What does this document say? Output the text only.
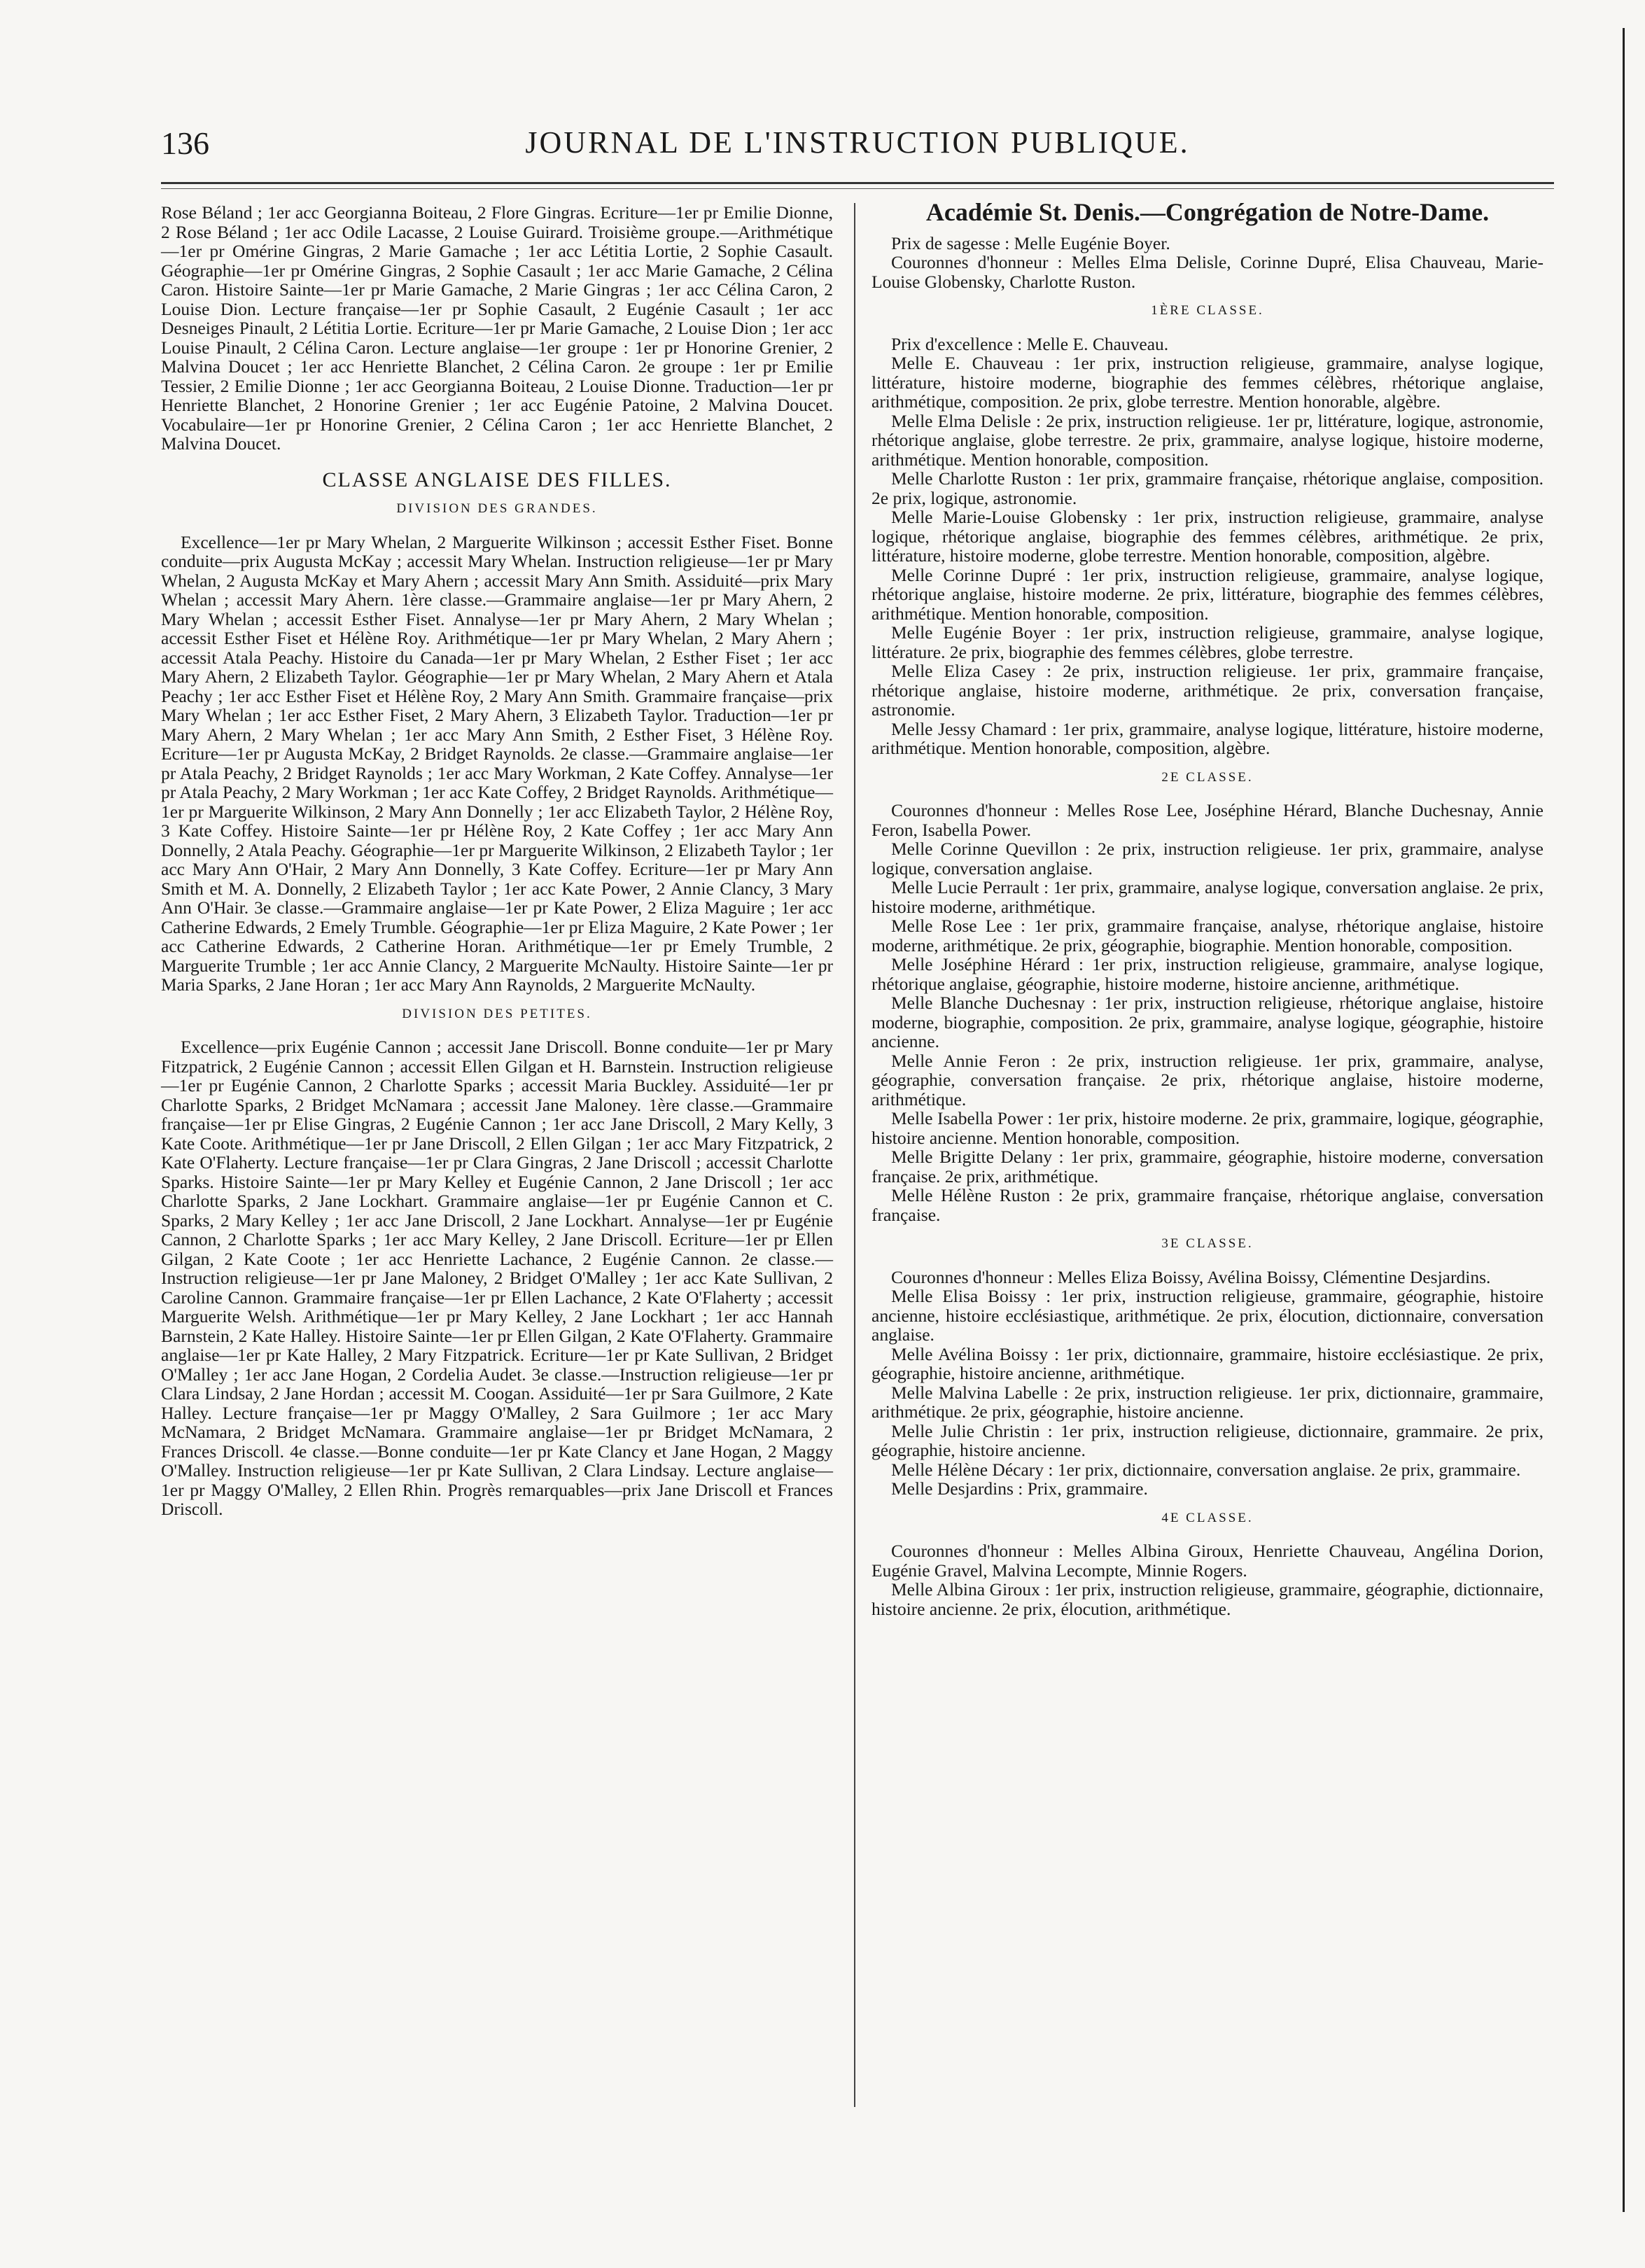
136	JOURNAL DE L'INSTRUCTION PUBLIQUE.

Rose Béland ; 1er acc Georgianna Boiteau, 2 Flore Gingras. Ecriture—1er pr Emilie Dionne, 2 Rose Béland ; 1er acc Odile Lacasse, 2 Louise Guirard. Troisième groupe.—Arithmétique—1er pr Omérine Gingras, 2 Marie Gamache ; 1er acc Létitia Lortie, 2 Sophie Casault. Géographie—1er pr Omérine Gingras, 2 Sophie Casault ; 1er acc Marie Gamache, 2 Célina Caron. Histoire Sainte—1er pr Marie Gamache, 2 Marie Gingras ; 1er acc Célina Caron, 2 Louise Dion. Lecture française—1er pr Sophie Casault, 2 Eugénie Casault ; 1er acc Desneiges Pinault, 2 Létitia Lortie. Ecriture—1er pr Marie Gamache, 2 Louise Dion ; 1er acc Louise Pinault, 2 Célina Caron. Lecture anglaise—1er groupe : 1er pr Honorine Grenier, 2 Malvina Doucet ; 1er acc Henriette Blanchet, 2 Célina Caron. 2e groupe : 1er pr Emilie Tessier, 2 Emilie Dionne ; 1er acc Georgianna Boiteau, 2 Louise Dionne. Traduction—1er pr Henriette Blanchet, 2 Honorine Grenier ; 1er acc Eugénie Patoine, 2 Malvina Doucet. Vocabulaire—1er pr Honorine Grenier, 2 Célina Caron ; 1er acc Henriette Blanchet, 2 Malvina Doucet.

CLASSE ANGLAISE DES FILLES.
DIVISION DES GRANDES.

Excellence—1er pr Mary Whelan, 2 Marguerite Wilkinson ; accessit Esther Fiset. Bonne conduite—prix Augusta McKay ; accessit Mary Whelan. Instruction religieuse—1er pr Mary Whelan, 2 Augusta McKay et Mary Ahern ; accessit Mary Ann Smith. Assiduité—prix Mary Whelan ; accessit Mary Ahern. 1ère classe.—Grammaire anglaise—1er pr Mary Ahern, 2 Mary Whelan ; accessit Esther Fiset. Annalyse—1er pr Mary Ahern, 2 Mary Whelan ; accessit Esther Fiset et Hélène Roy. Arithmétique—1er pr Mary Whelan, 2 Mary Ahern ; accessit Atala Peachy. Histoire du Canada—1er pr Mary Whelan, 2 Esther Fiset ; 1er acc Mary Ahern, 2 Elizabeth Taylor. Géographie—1er pr Mary Whelan, 2 Mary Ahern et Atala Peachy ; 1er acc Esther Fiset et Hélène Roy, 2 Mary Ann Smith. Grammaire française—prix Mary Whelan ; 1er acc Esther Fiset, 2 Mary Ahern, 3 Elizabeth Taylor. Traduction—1er pr Mary Ahern, 2 Mary Whelan ; 1er acc Mary Ann Smith, 2 Esther Fiset, 3 Hélène Roy. Ecriture—1er pr Augusta McKay, 2 Bridget Raynolds. 2e classe.—Grammaire anglaise—1er pr Atala Peachy, 2 Bridget Raynolds ; 1er acc Mary Workman, 2 Kate Coffey. Annalyse—1er pr Atala Peachy, 2 Mary Workman ; 1er acc Kate Coffey, 2 Bridget Raynolds. Arithmétique—1er pr Marguerite Wilkinson, 2 Mary Ann Donnelly ; 1er acc Elizabeth Taylor, 2 Hélène Roy, 3 Kate Coffey. Histoire Sainte—1er pr Hélène Roy, 2 Kate Coffey ; 1er acc Mary Ann Donnelly, 2 Atala Peachy. Géographie—1er pr Marguerite Wilkinson, 2 Elizabeth Taylor ; 1er acc Mary Ann O'Hair, 2 Mary Ann Donnelly, 3 Kate Coffey. Ecriture—1er pr Mary Ann Smith et M. A. Donnelly, 2 Elizabeth Taylor ; 1er acc Kate Power, 2 Annie Clancy, 3 Mary Ann O'Hair. 3e classe.—Grammaire anglaise—1er pr Kate Power, 2 Eliza Maguire ; 1er acc Catherine Edwards, 2 Emely Trumble. Géographie—1er pr Eliza Maguire, 2 Kate Power ; 1er acc Catherine Edwards, 2 Catherine Horan. Arithmétique—1er pr Emely Trumble, 2 Marguerite Trumble ; 1er acc Annie Clancy, 2 Marguerite McNaulty. Histoire Sainte—1er pr Maria Sparks, 2 Jane Horan ; 1er acc Mary Ann Raynolds, 2 Marguerite McNaulty.

DIVISION DES PETITES.

Excellence—prix Eugénie Cannon ; accessit Jane Driscoll. Bonne conduite—1er pr Mary Fitzpatrick, 2 Eugénie Cannon ; accessit Ellen Gilgan et H. Barnstein. Instruction religieuse—1er pr Eugénie Cannon, 2 Charlotte Sparks ; accessit Maria Buckley. Assiduité—1er pr Charlotte Sparks, 2 Bridget McNamara ; accessit Jane Maloney. 1ère classe.—Grammaire française—1er pr Elise Gingras, 2 Eugénie Cannon ; 1er acc Jane Driscoll, 2 Mary Kelly, 3 Kate Coote. Arithmétique—1er pr Jane Driscoll, 2 Ellen Gilgan ; 1er acc Mary Fitzpatrick, 2 Kate O'Flaherty. Lecture française—1er pr Clara Gingras, 2 Jane Driscoll ; accessit Charlotte Sparks. Histoire Sainte—1er pr Mary Kelley et Eugénie Cannon, 2 Jane Driscoll ; 1er acc Charlotte Sparks, 2 Jane Lockhart. Grammaire anglaise—1er pr Eugénie Cannon et C. Sparks, 2 Mary Kelley ; 1er acc Jane Driscoll, 2 Jane Lockhart. Annalyse—1er pr Eugénie Cannon, 2 Charlotte Sparks ; 1er acc Mary Kelley, 2 Jane Driscoll. Ecriture—1er pr Ellen Gilgan, 2 Kate Coote ; 1er acc Henriette Lachance, 2 Eugénie Cannon. 2e classe.—Instruction religieuse—1er pr Jane Maloney, 2 Bridget O'Malley ; 1er acc Kate Sullivan, 2 Caroline Cannon. Grammaire française—1er pr Ellen Lachance, 2 Kate O'Flaherty ; accessit Marguerite Welsh. Arithmétique—1er pr Mary Kelley, 2 Jane Lockhart ; 1er acc Hannah Barnstein, 2 Kate Halley. Histoire Sainte—1er pr Ellen Gilgan, 2 Kate O'Flaherty. Grammaire anglaise—1er pr Kate Halley, 2 Mary Fitzpatrick. Ecriture—1er pr Kate Sullivan, 2 Bridget O'Malley ; 1er acc Jane Hogan, 2 Cordelia Audet. 3e classe.—Instruction religieuse—1er pr Clara Lindsay, 2 Jane Hordan ; accessit M. Coogan. Assiduité—1er pr Sara Guilmore, 2 Kate Halley. Lecture française—1er pr Maggy O'Malley, 2 Sara Guilmore ; 1er acc Mary McNamara, 2 Bridget McNamara. Grammaire anglaise—1er pr Bridget McNamara, 2 Frances Driscoll. 4e classe.—Bonne conduite—1er pr Kate Clancy et Jane Hogan, 2 Maggy O'Malley. Instruction religieuse—1er pr Kate Sullivan, 2 Clara Lindsay. Lecture anglaise—1er pr Maggy O'Malley, 2 Ellen Rhin. Progrès remarquables—prix Jane Driscoll et Frances Driscoll.

Académie St. Denis.—Congrégation de Notre-Dame.

Prix de sagesse : Melle Eugénie Boyer.

Couronnes d'honneur : Melles Elma Delisle, Corinne Dupré, Elisa Chauveau, Marie-Louise Globensky, Charlotte Ruston.

1ÈRE CLASSE.

Prix d'excellence : Melle E. Chauveau.

Melle E. Chauveau : 1er prix, instruction religieuse, grammaire, analyse logique, littérature, histoire moderne, biographie des femmes célèbres, rhétorique anglaise, arithmétique, composition. 2e prix, globe terrestre. Mention honorable, algèbre.

Melle Elma Delisle : 2e prix, instruction religieuse. 1er pr, littérature, logique, astronomie, rhétorique anglaise, globe terrestre. 2e prix, grammaire, analyse logique, histoire moderne, arithmétique. Mention honorable, composition.

Melle Charlotte Ruston : 1er prix, grammaire française, rhétorique anglaise, composition. 2e prix, logique, astronomie.

Melle Marie-Louise Globensky : 1er prix, instruction religieuse, grammaire, analyse logique, rhétorique anglaise, biographie des femmes célèbres, arithmétique. 2e prix, littérature, histoire moderne, globe terrestre. Mention honorable, composition, algèbre.

Melle Corinne Dupré : 1er prix, instruction religieuse, grammaire, analyse logique, rhétorique anglaise, histoire moderne. 2e prix, littérature, biographie des femmes célèbres, arithmétique. Mention honorable, composition.

Melle Eugénie Boyer : 1er prix, instruction religieuse, grammaire, analyse logique, littérature. 2e prix, biographie des femmes célèbres, globe terrestre.

Melle Eliza Casey : 2e prix, instruction religieuse. 1er prix, grammaire française, rhétorique anglaise, histoire moderne, arithmétique. 2e prix, conversation française, astronomie.

Melle Jessy Chamard : 1er prix, grammaire, analyse logique, littérature, histoire moderne, arithmétique. Mention honorable, composition, algèbre.

2E CLASSE.

Couronnes d'honneur : Melles Rose Lee, Joséphine Hérard, Blanche Duchesnay, Annie Feron, Isabella Power.

Melle Corinne Quevillon : 2e prix, instruction religieuse. 1er prix, grammaire, analyse logique, conversation anglaise.

Melle Lucie Perrault : 1er prix, grammaire, analyse logique, conversation anglaise. 2e prix, histoire moderne, arithmétique.

Melle Rose Lee : 1er prix, grammaire française, analyse, rhétorique anglaise, histoire moderne, arithmétique. 2e prix, géographie, biographie. Mention honorable, composition.

Melle Joséphine Hérard : 1er prix, instruction religieuse, grammaire, analyse logique, rhétorique anglaise, géographie, histoire moderne, histoire ancienne, arithmétique.

Melle Blanche Duchesnay : 1er prix, instruction religieuse, rhétorique anglaise, histoire moderne, biographie, composition. 2e prix, grammaire, analyse logique, géographie, histoire ancienne.

Melle Annie Feron : 2e prix, instruction religieuse. 1er prix, grammaire, analyse, géographie, conversation française. 2e prix, rhétorique anglaise, histoire moderne, arithmétique.

Melle Isabella Power : 1er prix, histoire moderne. 2e prix, grammaire, logique, géographie, histoire ancienne. Mention honorable, composition.

Melle Brigitte Delany : 1er prix, grammaire, géographie, histoire moderne, conversation française. 2e prix, arithmétique.

Melle Hélène Ruston : 2e prix, grammaire française, rhétorique anglaise, conversation française.

3E CLASSE.

Couronnes d'honneur : Melles Eliza Boissy, Avélina Boissy, Clémentine Desjardins.

Melle Elisa Boissy : 1er prix, instruction religieuse, grammaire, géographie, histoire ancienne, histoire ecclésiastique, arithmétique. 2e prix, élocution, dictionnaire, conversation anglaise.

Melle Avélina Boissy : 1er prix, dictionnaire, grammaire, histoire ecclésiastique. 2e prix, géographie, histoire ancienne, arithmétique.

Melle Malvina Labelle : 2e prix, instruction religieuse. 1er prix, dictionnaire, grammaire, arithmétique. 2e prix, géographie, histoire ancienne.

Melle Julie Christin : 1er prix, instruction religieuse, dictionnaire, grammaire. 2e prix, géographie, histoire ancienne.

Melle Hélène Décary : 1er prix, dictionnaire, conversation anglaise. 2e prix, grammaire.

Melle Desjardins : Prix, grammaire.

4E CLASSE.

Couronnes d'honneur : Melles Albina Giroux, Henriette Chauveau, Angélina Dorion, Eugénie Gravel, Malvina Lecompte, Minnie Rogers.

Melle Albina Giroux : 1er prix, instruction religieuse, grammaire, géographie, dictionnaire, histoire ancienne. 2e prix, élocution, arithmétique.
